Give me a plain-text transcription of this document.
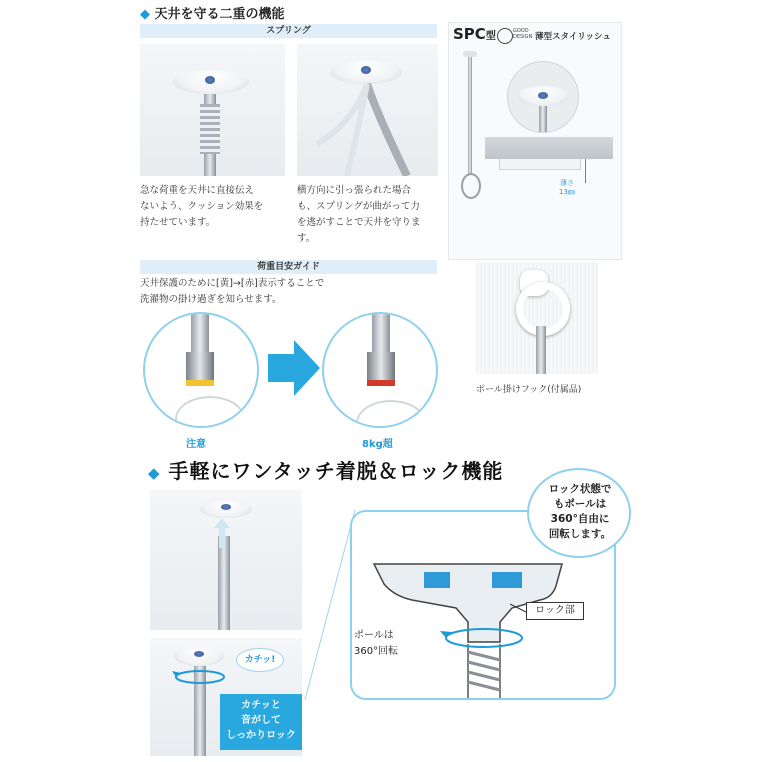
◆ 天井を守る二重の機能
スプリング
急な荷重を天井に直接伝え
ないよう、クッション効果を
持たせています。
横方向に引っ張られた場合
も、スプリングが曲がって力
を逃がすことで天井を守りま
す。
SPC型	GOOD DESIGN 薄型スタイリッシュ
薄さ
13㎜
荷重目安ガイド
天井保護のために[黄]→[赤]表示することで
洗濯物の掛け過ぎを知らせます。
注意	8kg超
ポール掛けフック(付属品)
◆ 手軽にワンタッチ着脱＆ロック機能
カチッ!
カチッと
音がして
しっかりロック
ロック部
ポールは
360°回転
ロック状態で
もポールは
360°自由に
回転します。
